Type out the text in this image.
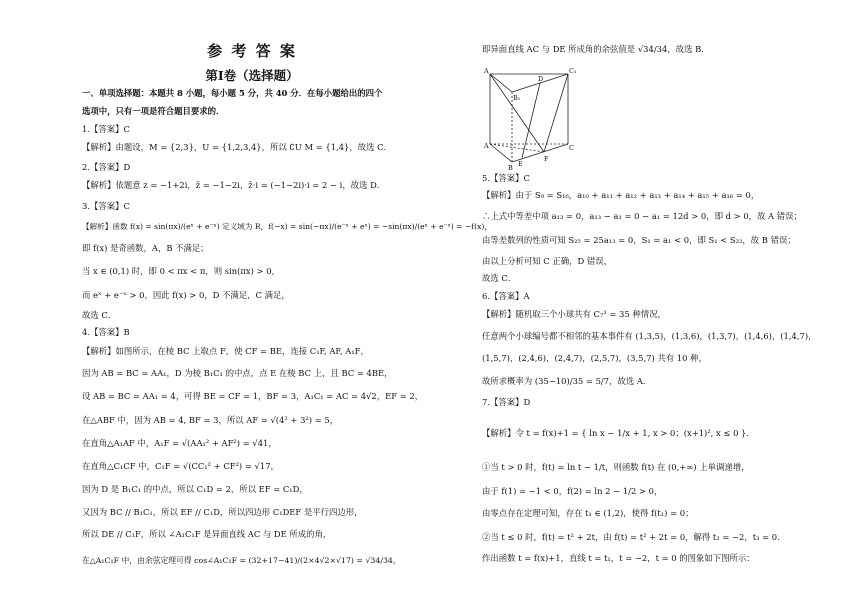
参 考 答 案
第Ⅰ卷（选择题）
一、单项选择题：本题共 8 小题，每小题 5 分，共 40 分．在每小题给出的四个
选项中，只有一项是符合题目要求的．
1.【答案】C
【解析】由题设，M = {2,3}，U = {1,2,3,4}，所以 ∁U M = {1,4}，故选 C．
2.【答案】D
【解析】依题意 z = −1+2i，z̄ = −1−2i，z̄·i = (−1−2i)·i = 2 − i，故选 D．
3.【答案】C
【解析】函数 f(x) = sin(πx)/(eˣ + e⁻ˣ) 定义域为 R，f(−x) = sin(−πx)/(e⁻ˣ + eˣ) = −sin(πx)/(eˣ + e⁻ˣ) = −f(x)，
即 f(x) 是奇函数，A，B 不满足；
当 x ∈ (0,1) 时，即 0 < πx < π，则 sin(πx) > 0，
而 eˣ + e⁻ˣ > 0，因此 f(x) > 0，D 不满足，C 满足，
故选 C．
4.【答案】B
【解析】如图所示，在棱 BC 上取点 F，使 CF = BE，连接 C₁F, AF, A₁F，
因为 AB = BC = AA₁，D 为棱 B₁C₁ 的中点，点 E 在棱 BC 上，且 BC = 4BE，
设 AB = BC = AA₁ = 4，可得 BE = CF = 1，BF = 3，A₁C₁ = AC = 4√2，EF = 2，
在△ABF 中，因为 AB = 4, BF = 3，所以 AF = √(4² + 3²) = 5，
在直角△A₁AF 中，A₁F = √(AA₁² + AF²) = √41，
在直角△C₁CF 中，C₁F = √(CC₁² + CF²) = √17，
因为 D 是 B₁C₁ 的中点，所以 C₁D = 2，所以 EF = C₁D，
又因为 BC // B₁C₁，所以 EF // C₁D，所以四边形 C₁DEF 是平行四边形，
所以 DE // C₁F，所以 ∠A₁C₁F 是异面直线 AC 与 DE 所成的角，
在△A₁C₁F 中，由余弦定理可得 cos∠A₁C₁F = (32+17−41)/(2×4√2×√17) = √34/34，
即异面直线 AC 与 DE 所成角的余弦值是 √34/34，故选 B．
A	C₁
B₁
D
C
A
E
B
F
5.【答案】C
【解析】由于 S₉ = S₁₆，a₁₀ + a₁₁ + a₁₂ + a₁₃ + a₁₄ + a₁₅ + a₁₆ = 0，
∴上式中等差中项 a₁₃ = 0，a₁₃ − a₁ = 0 − a₁ = 12d > 0，即 d > 0，故 A 错误；
由等差数列的性质可知 S₂₅ = 25a₁₃ = 0，S₁ = a₁ < 0，即 S₁ < S₂₂，故 B 错误；
由以上分析可知 C 正确，D 错误，
故选 C．
6.【答案】A
【解析】随机取三个小球共有 C₇³ = 35 种情况，
任意两个小球编号都不相邻的基本事件有 (1,3,5)，(1,3,6)，(1,3,7)，(1,4,6)，(1,4,7)，
(1,5,7)，(2,4,6)，(2,4,7)，(2,5,7)，(3,5,7) 共有 10 种，
故所求概率为 (35−10)/35 = 5/7，故选 A．
7.【答案】D
【解析】令 t = f(x)+1 = { ln x − 1/x + 1, x > 0；(x+1)², x ≤ 0 }．
①当 t > 0 时，f(t) = ln t − 1/t，则函数 f(t) 在 (0,+∞) 上单调递增，
由于 f(1) = −1 < 0，f(2) = ln 2 − 1/2 > 0，
由零点存在定理可知，存在 t₁ ∈ (1,2)，使得 f(t₁) = 0；
②当 t ≤ 0 时，f(t) = t² + 2t，由 f(t) = t² + 2t = 0，解得 t₂ = −2，t₃ = 0．
作出函数 t = f(x)+1，直线 t = t₁，t = −2，t = 0 的图象如下图所示：
